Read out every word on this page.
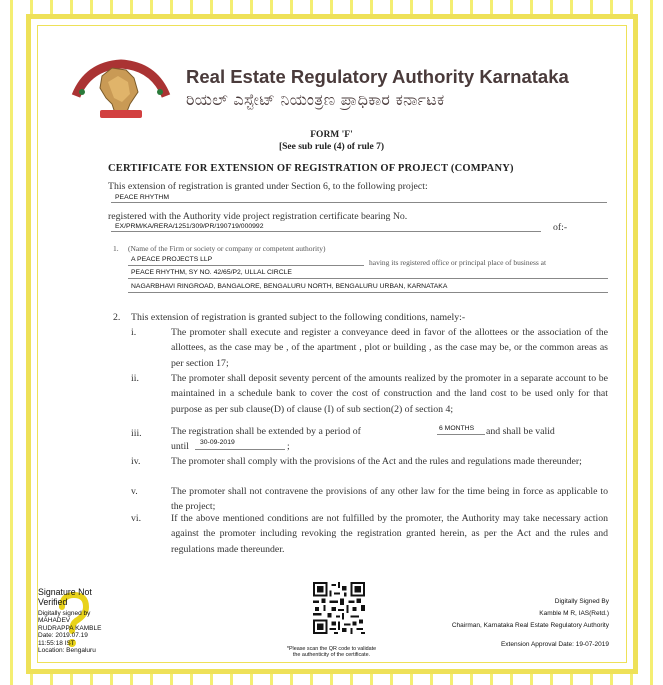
Real Estate Regulatory Authority Karnataka
ರಿಯಲ್ ಎಸ್ಟೇಟ್ ನಿಯಂತ್ರಣ ಪ್ರಾಧಿಕಾರ ಕರ್ನಾಟಕ
FORM 'F'
[See sub rule (4) of rule 7)
CERTIFICATE FOR EXTENSION OF REGISTRATION OF PROJECT (COMPANY)
This extension of registration is granted under Section 6, to the following project:
PEACE RHYTHM
registered with the Authority vide project registration certificate bearing No.
EX/PRM/KA/RERA/1251/309/PR/190719/000992	of:-
1. (Name of the Firm or society or company or competent authority)
A PEACE PROJECTS LLP	having its registered office or principal place of business at
PEACE RHYTHM, SY NO. 42/65/P2, ULLAL CIRCLE
NAGARBHAVI RINGROAD, BANGALORE, BENGALURU NORTH, BENGALURU URBAN, KARNATAKA
2. This extension of registration is granted subject to the following conditions, namely:-
i.	The promoter shall execute and register a conveyance deed in favor of the allottees or the association of the allottees, as the case may be , of the apartment , plot or building , as the case may be, or the common areas as per section 17;
ii.	The promoter shall deposit seventy percent of the amounts realized by the promoter in a separate account to be maintained in a schedule bank to cover the cost of construction and the land cost to be used only for that purpose as per sub clause(D) of clause (I) of sub section(2) of section 4;
iii.	The registration shall be extended by a period of	6 MONTHS and shall be valid
until 30-09-2019	;
iv.	The promoter shall comply with the provisions of the Act and the rules and regulations made thereunder;
v.	The promoter shall not contravene the provisions of any other law for the time being in force as applicable to the project;
vi.	If the above mentioned conditions are not fulfilled by the promoter, the Authority may take necessary action against the promoter including revoking the registration granted herein, as per the Act and the rules and regulations made thereunder.
Signature Not Verified
Digitally signed by
MAHADEV
RUDRAPPA KAMBLE
Date: 2019.07.19
11:55:18 IST
Location: Bengaluru	*Please scan the QR code to validate
the authenticity of the certificate.
Digitally Signed By
Kamble M R, IAS(Retd.)
Chairman, Karnataka Real Estate Regulatory Authority
Extension Approval Date: 19-07-2019
